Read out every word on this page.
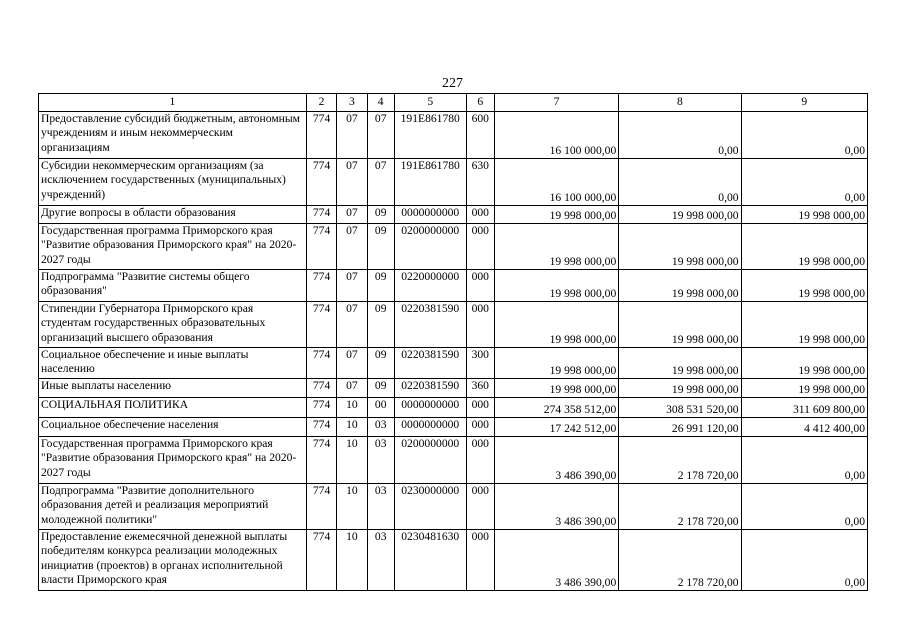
227
1	2	3	4	5	6	7	8	9
Предоставление субсидий бюджетным, автономным учреждениям и иным некоммерческим организациям	774	07	07	191E861780	600	16 100 000,00	0,00	0,00
Субсидии некоммерческим организациям (за исключением государственных (муниципальных) учреждений)	774	07	07	191E861780	630	16 100 000,00	0,00	0,00
Другие вопросы в области образования	774	07	09	0000000000	000	19 998 000,00	19 998 000,00	19 998 000,00
Государственная программа Приморского края "Развитие образования Приморского края" на 2020-2027 годы	774	07	09	0200000000	000	19 998 000,00	19 998 000,00	19 998 000,00
Подпрограмма "Развитие системы общего образования"	774	07	09	0220000000	000	19 998 000,00	19 998 000,00	19 998 000,00
Стипендии Губернатора Приморского края студентам государственных образовательных организаций высшего образования	774	07	09	0220381590	000	19 998 000,00	19 998 000,00	19 998 000,00
Социальное обеспечение и иные выплаты населению	774	07	09	0220381590	300	19 998 000,00	19 998 000,00	19 998 000,00
Иные выплаты населению	774	07	09	0220381590	360	19 998 000,00	19 998 000,00	19 998 000,00
СОЦИАЛЬНАЯ ПОЛИТИКА	774	10	00	0000000000	000	274 358 512,00	308 531 520,00	311 609 800,00
Социальное обеспечение населения	774	10	03	0000000000	000	17 242 512,00	26 991 120,00	4 412 400,00
Государственная программа Приморского края "Развитие образования Приморского края" на 2020-2027 годы	774	10	03	0200000000	000	3 486 390,00	2 178 720,00	0,00
Подпрограмма "Развитие дополнительного образования детей и реализация мероприятий молодежной политики"	774	10	03	0230000000	000	3 486 390,00	2 178 720,00	0,00
Предоставление ежемесячной денежной выплаты победителям конкурса реализации молодежных инициатив (проектов) в органах исполнительной власти Приморского края	774	10	03	0230481630	000	3 486 390,00	2 178 720,00	0,00
